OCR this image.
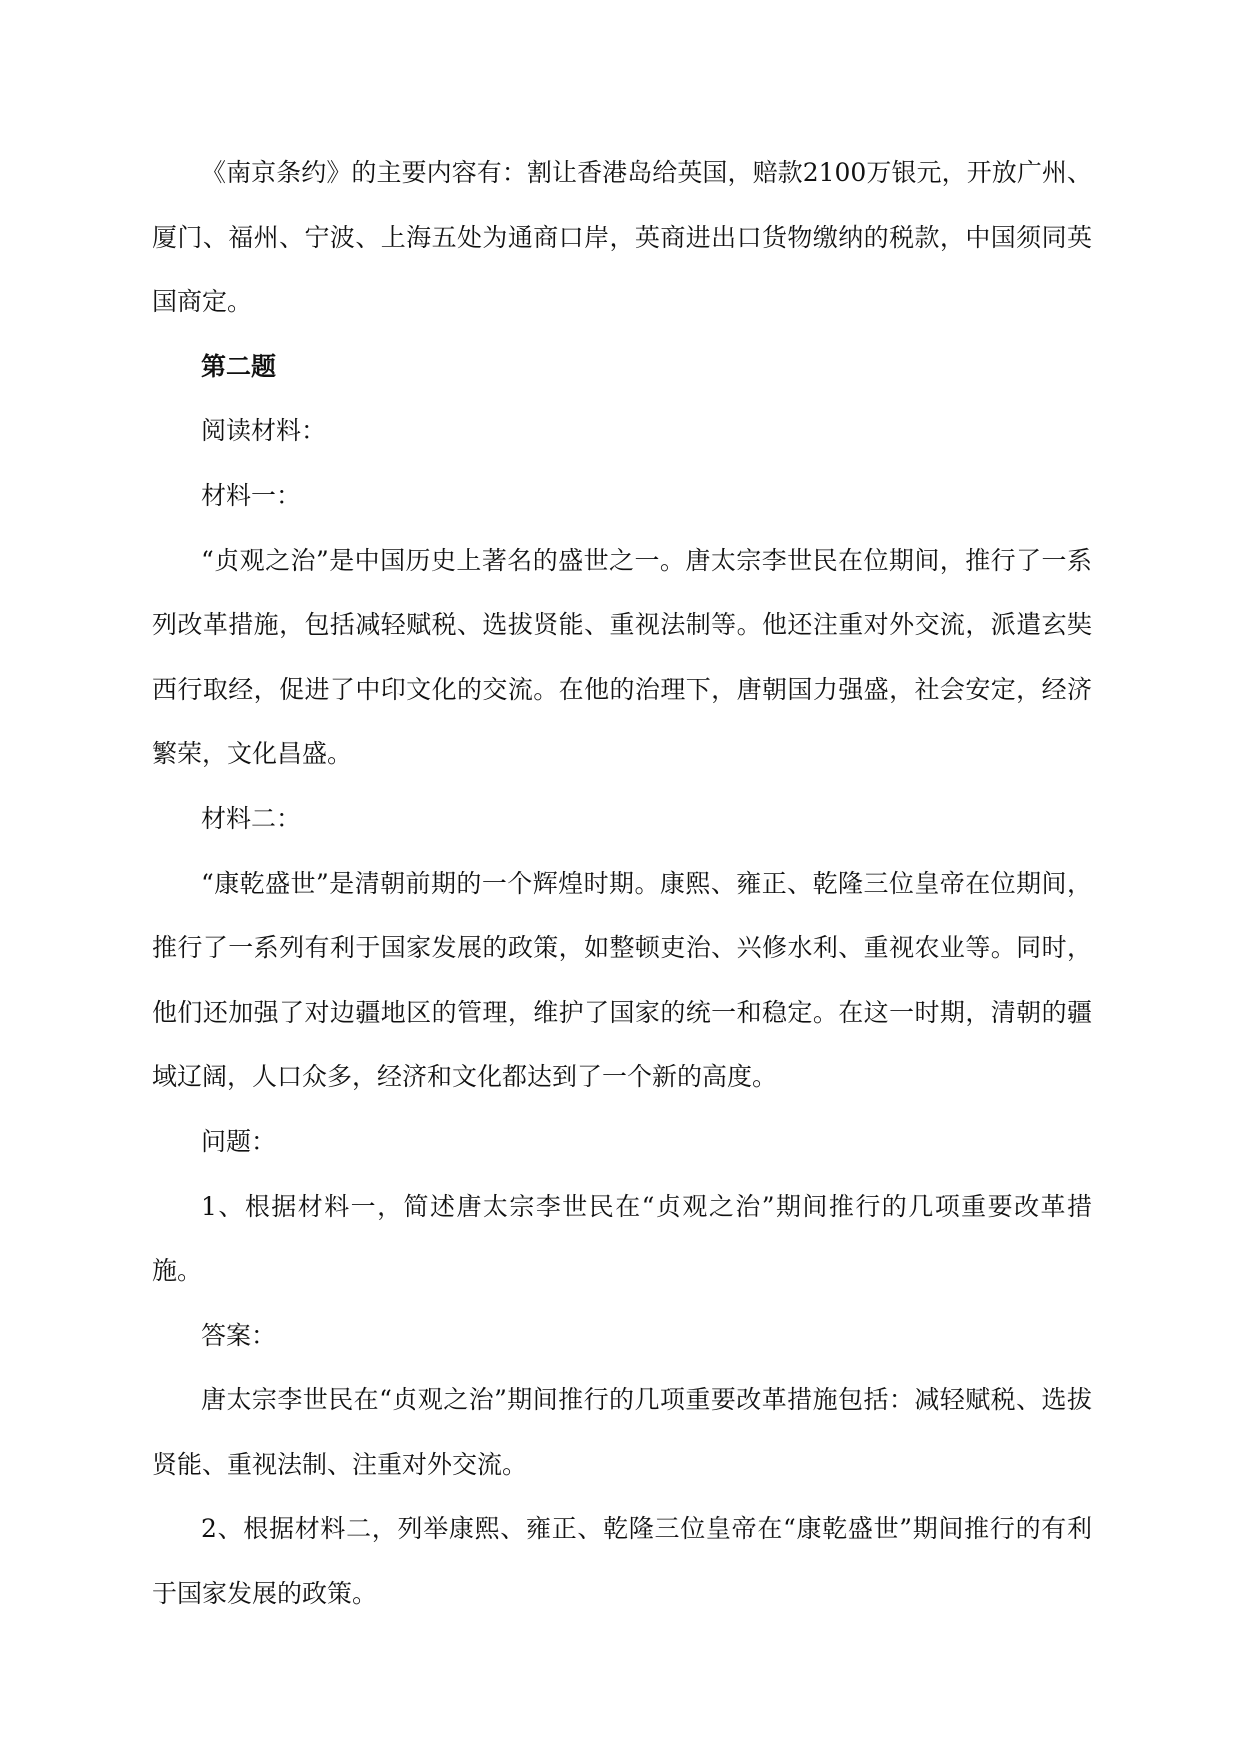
《南京条约》的主要内容有：割让香港岛给英国，赔款2100万银元，开放广州、厦门、福州、宁波、上海五处为通商口岸，英商进出口货物缴纳的税款，中国须同英国商定。

第二题

阅读材料：

材料一：

“贞观之治”是中国历史上著名的盛世之一。唐太宗李世民在位期间，推行了一系列改革措施，包括减轻赋税、选拔贤能、重视法制等。他还注重对外交流，派遣玄奘西行取经，促进了中印文化的交流。在他的治理下，唐朝国力强盛，社会安定，经济繁荣，文化昌盛。

材料二：

“康乾盛世”是清朝前期的一个辉煌时期。康熙、雍正、乾隆三位皇帝在位期间，推行了一系列有利于国家发展的政策，如整顿吏治、兴修水利、重视农业等。同时，他们还加强了对边疆地区的管理，维护了国家的统一和稳定。在这一时期，清朝的疆域辽阔，人口众多，经济和文化都达到了一个新的高度。

问题：

1、根据材料一，简述唐太宗李世民在“贞观之治”期间推行的几项重要改革措施。

答案：

唐太宗李世民在“贞观之治”期间推行的几项重要改革措施包括：减轻赋税、选拔贤能、重视法制、注重对外交流。

2、根据材料二，列举康熙、雍正、乾隆三位皇帝在“康乾盛世”期间推行的有利于国家发展的政策。
